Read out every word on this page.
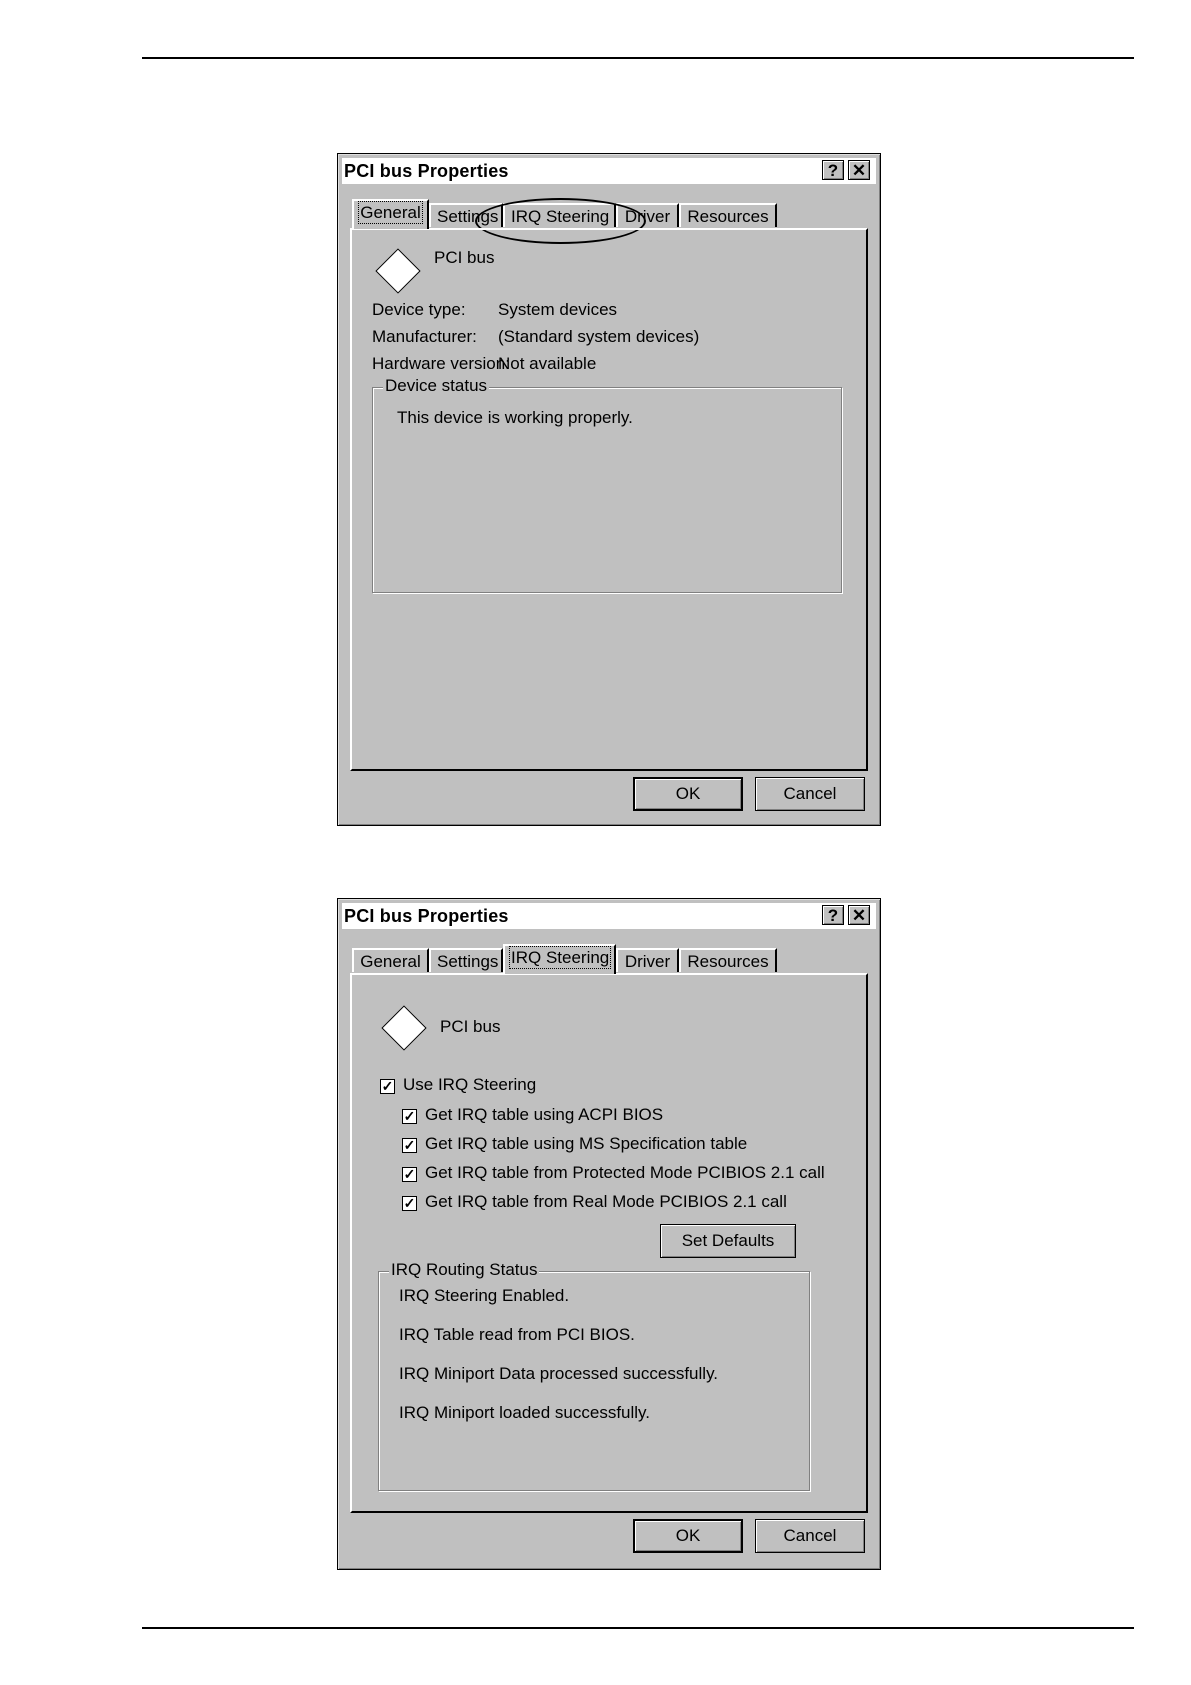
PCI bus Properties	? ✕
General Settings IRQ Steering Driver	Resources
PCI bus
Device type: System devices
Manufacturer: (Standard system devices)
Hardware version:
Not available
Device status
This device is working properly.
OK	Cancel
PCI bus Properties	? ✕
General Settings IRQ Steering Driver	Resources
PCI bus
✓ Use IRQ Steering
✓ Get IRQ table using ACPI BIOS
✓ Get IRQ table using MS Specification table
✓ Get IRQ table from Protected Mode PCIBIOS 2.1 call
✓ Get IRQ table from Real Mode PCIBIOS 2.1 call
Set Defaults
IRQ Routing Status
IRQ Steering Enabled.
IRQ Table read from PCI BIOS.
IRQ Miniport Data processed successfully.
IRQ Miniport loaded successfully.
OK	Cancel
